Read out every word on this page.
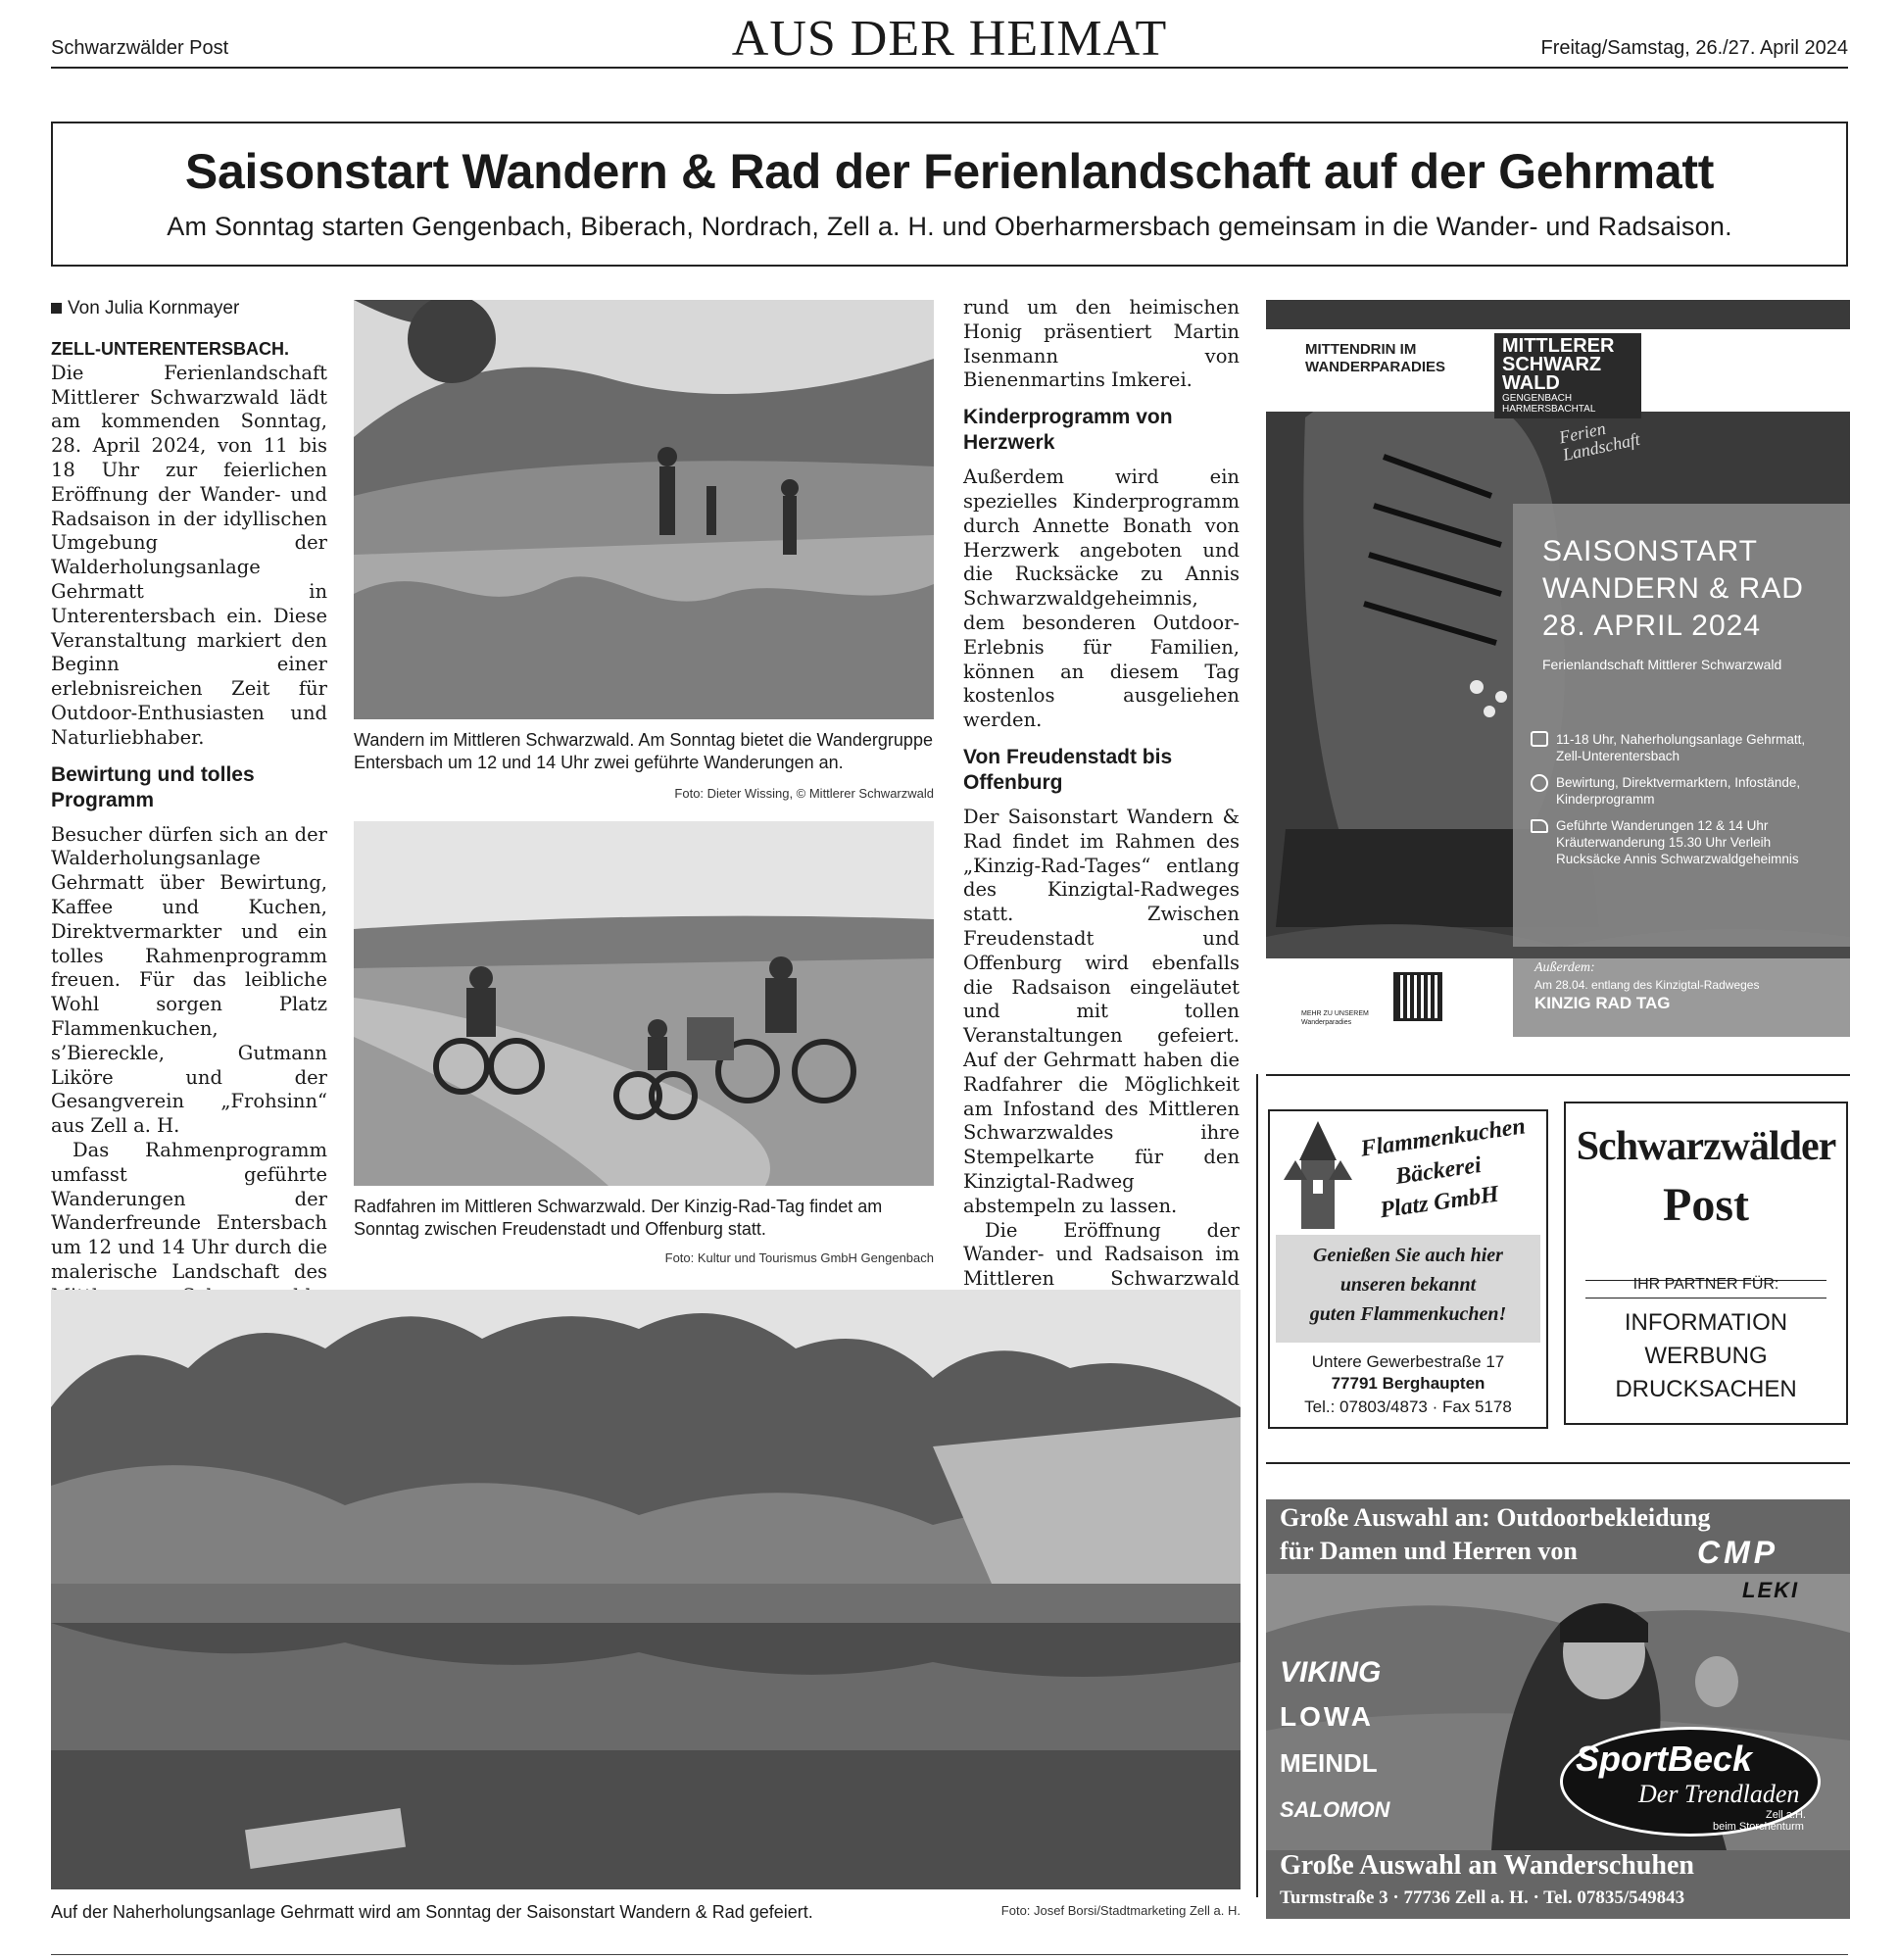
Schwarzwälder Post	AUS DER HEIMAT	Freitag/Samstag, 26./27. April 2024
Saisonstart Wandern & Rad der Ferienlandschaft auf der Gehrmatt
Am Sonntag starten Gengenbach, Biberach, Nordrach, Zell a. H. und Oberharmersbach gemeinsam in die Wander- und Radsaison.
Von Julia Kornmayer

ZELL-UNTERENTERSBACH. Die Ferienlandschaft Mittlerer Schwarzwald lädt am kommenden Sonntag, 28. April 2024, von 11 bis 18 Uhr zur feierlichen Eröffnung der Wander- und Radsaison in der idyllischen Umgebung der Walderholungsanlage Gehrmatt in Unterentersbach ein. Diese Veranstaltung markiert den Beginn einer erlebnisreichen Zeit für Outdoor-Enthusiasten und Naturliebhaber.

Bewirtung und tolles Programm

Besucher dürfen sich an der Walderholungsanlage Gehrmatt über Bewirtung, Kaffee und Kuchen, Direktvermarkter und ein tolles Rahmenprogramm freuen. Für das leibliche Wohl sorgen Platz Flammenkuchen, s’Biereckle, Gutmann Liköre und der Gesangverein „Frohsinn“ aus Zell a. H.

Das Rahmenprogramm umfasst geführte Wanderungen der Wanderfreunde Entersbach um 12 und 14 Uhr durch die malerische Landschaft des

Wandern im Mittleren Schwarzwald. Am Sonntag bietet die Wandergruppe Entersbach um 12 und 14 Uhr zwei geführte Wanderungen an.
Foto: Dieter Wissing, © Mittlerer Schwarzwald
Radfahren im Mittleren Schwarzwald. Der Kinzig-Rad-Tag findet am Sonntag zwischen Freudenstadt und Offenburg statt.
Foto: Kultur und Tourismus GmbH Gengenbach

rund um den heimischen Honig präsentiert Martin Isenmann von Bienenmartins Imkerei.

Kinderprogramm von Herzwerk

Außerdem wird ein spezielles Kinderprogramm durch Annette Bonath von Herzwerk angeboten und die Rucksäcke zu Annis Schwarzwaldgeheimnis, dem besonderen Outdoor-Erlebnis für Familien, können an diesem Tag kostenlos ausgeliehen werden.

Von Freudenstadt bis Offenburg

Der Saisonstart Wandern & Rad findet im Rahmen des „Kinzig-Rad-Tages“ entlang des Kinzigtal-Radweges statt. Zwischen Freudenstadt und Offenburg wird ebenfalls die Radsaison eingeläutet und mit tollen Veranstaltungen gefeiert. Auf der Gehrmatt haben die Radfahrer die Möglichkeit am Infostand des Mittleren Schwarzwaldes ihre Stempelkarte für den Kinzigtal-Radweg abstempeln zu lassen.

Die Eröffnung der Wander- und Radsaison im Mittleren Schwarzwald

Auf der Naherholungsanlage Gehrmatt wird am Sonntag der Saisonstart Wandern & Rad gefeiert.	Foto: Josef Borsi/Stadtmarketing Zell a. H.
MITTENDRIN IM WANDERPARADIES
MITTLERER
SCHWARZ
WALD
GENGENBACH
HARMERSBACHTAL
Ferien Landschaft
SAISONSTART
WANDERN & RAD
28. APRIL 2024
Ferienlandschaft Mittlerer Schwarzwald
11-18 Uhr, Naherholungsanlage Gehrmatt, Zell-Unterentersbach
Bewirtung, Direktvermarktern, Infostände, Kinderprogramm
Geführte Wanderungen 12 & 14 Uhr Kräuterwanderung 15.30 Uhr Verleih Rucksäcke Annis Schwarzwaldgeheimnis
Außerdem:
Am 28.04. entlang des Kinzigtal-Radweges
KINZIG RAD TAG
MEHR ZU UNSEREM Wanderparadies
Flammenkuchen
Bäckerei
Platz GmbH
Genießen Sie auch hier
unseren bekannt
guten Flammenkuchen!
Untere Gewerbestraße 17
77791 Berghaupten
Tel.: 07803/4873 · Fax 5178
Schwarzwälder
Post
IHR PARTNER FÜR:
INFORMATION
WERBUNG
DRUCKSACHEN
Große Auswahl an: Outdoorbekleidung
für Damen und Herren von	CMP
LEKI
VIKING
LOWA
MEINDL
SALOMON
SportBeck
Der Trendladen
Zell a.H.
beim Storchenturm
Große Auswahl an Wanderschuhen
Turmstraße 3 · 77736 Zell a. H. · Tel. 07835/549843
